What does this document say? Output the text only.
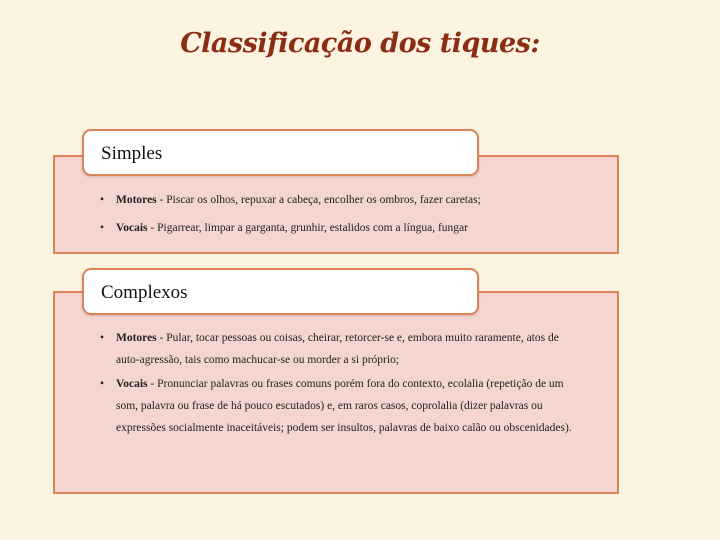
Classificação dos tiques:
• Motores - Piscar os olhos, repuxar a cabeça, encolher os ombros, fazer caretas;
• Vocais - Pigarrear, limpar a garganta, grunhir, estalidos com a língua, fungar
Simples
• Motores - Pular, tocar pessoas ou coisas, cheirar, retorcer-se e, embora muito raramente, atos de auto-agressão, tais como machucar-se ou morder a si próprio;
• Vocais - Pronunciar palavras ou frases comuns porém fora do contexto, ecolalia (repetição de um som, palavra ou frase de há pouco escutados) e, em raros casos, coprolalia (dizer palavras ou expressões socialmente inaceitáveis; podem ser insultos, palavras de baixo calão ou obscenidades).
Complexos
